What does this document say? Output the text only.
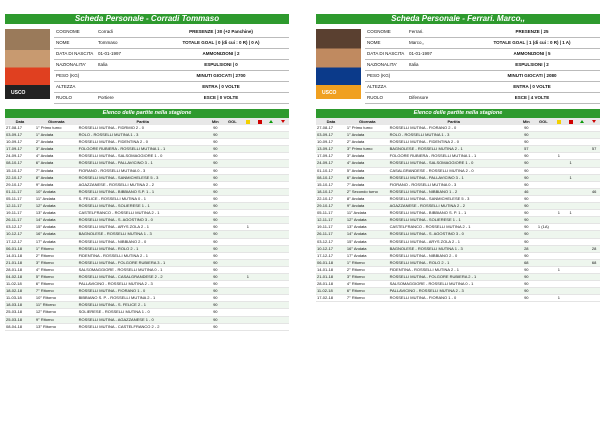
Scheda Personale - Corradi Tommaso
USCO
COGNOME	Corradi	PRESENZE | 30 (+2 Panchine)
NOME	Tommaso	TOTALE GOAL | 0 (di cui : 0 R) | 0 A)
DATA DI NASCITA	01-01-1997	AMMONIZIONI | 2
NAZIONALITA'	Italia	ESPULSIONI | 0
PESO (KG)	MINUTI GIOCATI | 2700
ALTEZZA	ENTRA | 0 VOLTE
RUOLO	Portiere	ESCE | 0 VOLTE
Elenco delle partite nella stagione
Data	Giornata	Partita	Min	GOL				
27-08-17	1° Primo turno	ROSSELLI MUTINA - FIDRMIO 2 - 0	90					
03-09-17	1° Andata	ROLO - ROSSELLI MUTINA 1 - 3	90					
10-09-17	2° Andata	ROSSELLI MUTINA - FIDENTINA 2 - 0	90					
17-09-17	3° Andata	FOLGORE RUBIERA - ROSSELLI MUTINA 1 - 1	90					
24-09-17	4° Andata	ROSSELLI MUTINA - SALSOMAGGIORE 1 - 0	90					
08-10-17	6° Andata	ROSSELLI MUTINA - PALLAVICINO 3 - 1	90					
15-10-17	7° Andata	FIORANO - ROSSELLI MUTINA 0 - 3	90					
22-10-17	8° Andata	ROSSELLI MUTINA - SANMICHELESE 5 - 3	90					
29-10-17	9° Andata	AGAZZANESE - ROSSELLI MUTINA 2 - 2	90					
01-11-17	10° Andata	ROSSELLI MUTINA - BIBBIANO S.P. 1 - 1	90					
05-11-17	11° Andata	S. FELICE - ROSSELLI MUTINA 0 - 1	90					
12-11-17	12° Andata	ROSSELLI MUTINA - SOLIERESE 1 - 1	90					
19-11-17	13° Andata	CASTELFRANCO - ROSSELLI MUTINA 2 - 1	90					
26-11-17	14° Andata	ROSSELLI MUTINA - S. AGOSTINO 3 - 0	90					
03-12-17	15° Andata	ROSSELLI MUTINA - ARYS ZOLA 2 - 1	90		1			
10-12-17	16° Andata	BAGNOLESE - ROSSELLI MUTINA 1 - 3	90					
17-12-17	17° Andata	ROSSELLI MUTINA - NIBBIANO 2 - 0	90					
06-01-18	1° Ritorno	ROSSELLI MUTINA - ROLO 2 - 1	90					
14-01-18	2° Ritorno	FIDENTINA - ROSSELLI MUTINA 2 - 1	90					
21-01-18	3° Ritorno	ROSSELLI MUTINA - FOLGORE RUBIERA 3 - 1	90					
28-01-18	4° Ritorno	SALSOMAGGIORE - ROSSELLI MUTINA 0 - 1	90					
04-02-18	5° Ritorno	ROSSELLI MUTINA - CASALGRANDESE 2 - 2	90		1			
11-02-18	6° Ritorno	PALLAVICINO - ROSSELLI MUTINA 2 - 3	90					
18-02-18	7° Ritorno	ROSSELLI MUTINA - FIORANO 1 - 0	90					
11-03-18	10° Ritorno	BIBBIANO S. P. - ROSSELLI MUTINA 2 - 1	90					
18-03-18	11° Ritorno	ROSSELLI MUTINA - S. FELICE 2 - 1	90					
25-03-18	12° Ritorno	SOLIERESE - ROSSELLI MUTINA 1 - 0	90					
25-03-18	9° Ritorno	ROSSELLI MUTINA - AGAZZANESE 1 - 0	90					
08-04-18	13° Ritorno	ROSSELLI MUTINA - CASTELFRANCO 2 - 2	90					
Scheda Personale - Ferrari. Marco,,
USCO
COGNOME	Ferrari.	PRESENZE | 25
NOME	Marco,,	TOTALE GOAL | 1 (di cui : 0 R) | 1 A)
DATA DI NASCITA	01-01-1997	AMMONIZIONI | 5
NAZIONALITA'	Italia	ESPULSIONI | 2
PESO (KG)	MINUTI GIOCATI | 2080
ALTEZZA	ENTRA | 0 VOLTE
RUOLO	Difensore	ESCE | 4 VOLTE
Elenco delle partite nella stagione
Data	Giornata	Partita	Min	GOL				
27-08-17	1° Primo turno	ROSSELLI MUTINA - FIORANO 2 - 0	90					
03-09-17	1° Andata	ROLO - ROSSELLI MUTINA 1 - 3	90					
10-09-17	2° Andata	ROSSELLI MUTINA - FIDENTINA 2 - 0	90					
13-09-17	3° Primo turno	BAGNOLESE - ROSSELLI MUTINA 2 - 1	57					57
17-09-17	3° Andata	FOLGORE RUBIERA - ROSSELLI MUTINA 1 - 1	90		1			
24-09-17	4° Andata	ROSSELLI MUTINA - SALSOMAGGIORE 1 - 0	90			1		
01-10-17	5° Andata	CASALGRANDESE - ROSSELLI MUTINA 2 - 0	90					
08-10-17	6° Andata	ROSSELLI MUTINA - PALLAVICINO 3 - 1	90			1		
15-10-17	7° Andata	FIORANO - ROSSELLI MUTINA 0 - 3	90					
18-10-17	2° Secondo turno	ROSSELLI MUTINA - NIBBIANO 1 - 2	46					46
22-10-17	8° Andata	ROSSELLI MUTINA - SANMICHELESE 5 - 3	90					
29-10-17	9° Andata	AGAZZANESE - ROSSELLI MUTINA 2 - 2	90					
05-11-17	11° Andata	ROSSELLI MUTINA - BIBBIANO S. P. 1 - 1	90		1	1		
12-11-17	12° Andata	ROSSELLI MUTINA - SOLIERESE 1 - 1	90					
19-11-17	13° Andata	CASTELFRANCO - ROSSELLI MUTINA 2 - 1	90	1 (1A)				
26-11-17	14° Andata	ROSSELLI MUTINA - S. AGOSTINO 3 - 0	90					
03-12-17	15° Andata	ROSSELLI MUTINA - ARYS ZOLA 2 - 1	90					
10-12-17	16° Andata	BAGNOLESE - ROSSELLI MUTINA 1 - 3	28					28
17-12-17	17° Andata	ROSSELLI MUTINA - NIBBIANO 2 - 0	90					
06-01-18	1° Ritorno	ROSSELLI MUTINA - ROLO 2 - 1	68					68
14-01-18	2° Ritorno	FIDENTINA - ROSSELLI MUTINA 2 - 1	90		1			
21-01-18	3° Ritorno	ROSSELLI MUTINA - FOLGORE RUBIERA 2 - 1	90					
28-01-18	4° Ritorno	SALSOMAGGIORE - ROSSELLI MUTINA 0 - 1	90					
11-02-18	6° Ritorno	PALLAVICINO - ROSSELLI MUTINA 2 - 3	90					
17-02-18	7° Ritorno	ROSSELLI MUTINA - FIORANO 1 - 0	90		1			
